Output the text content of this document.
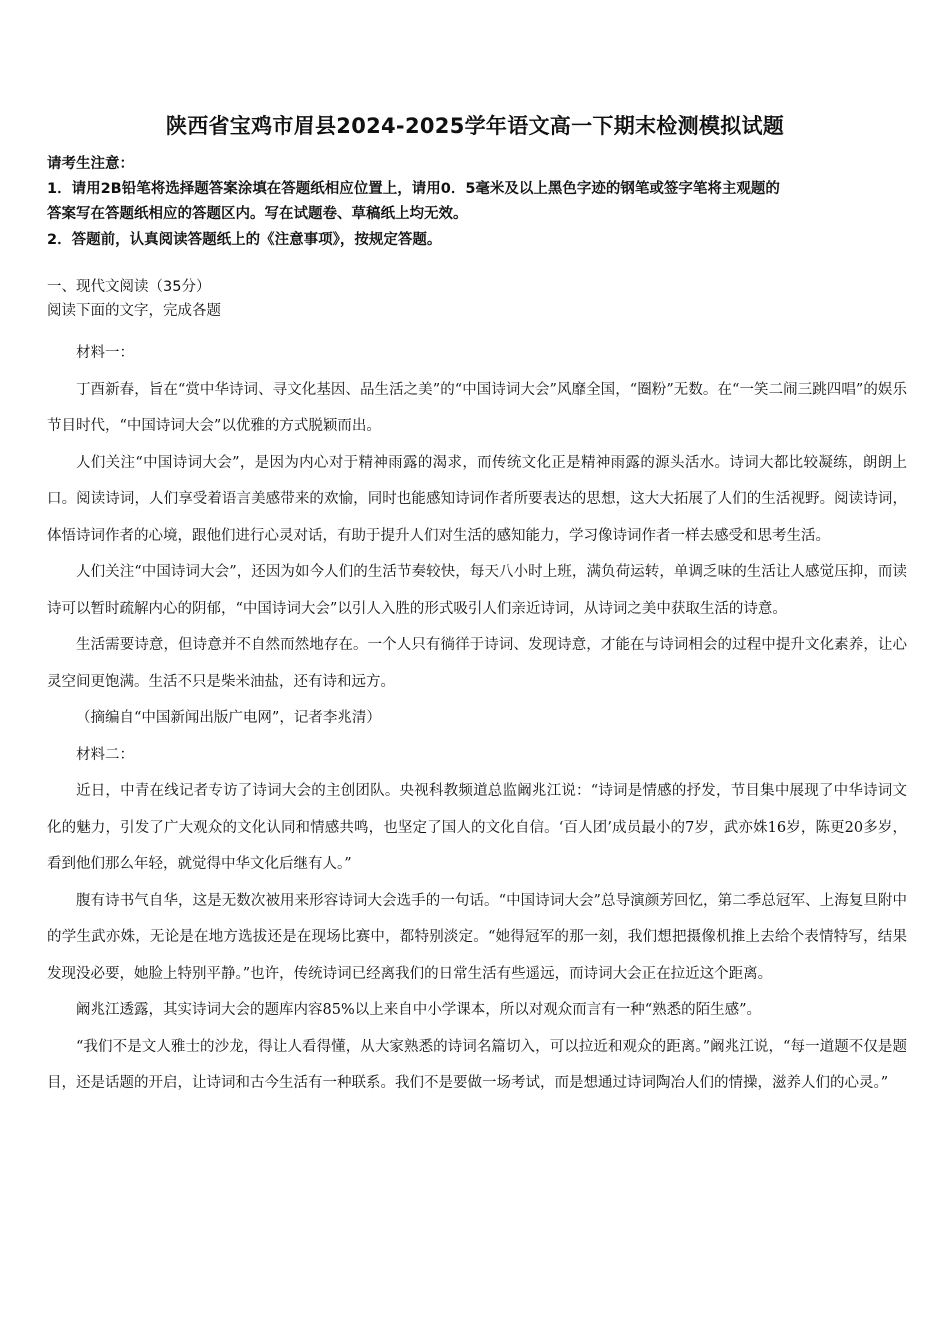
陕西省宝鸡市眉县2024-2025学年语文高一下期末检测模拟试题
请考生注意：
1．请用2B铅笔将选择题答案涂填在答题纸相应位置上，请用0．5毫米及以上黑色字迹的钢笔或签字笔将主观题的
答案写在答题纸相应的答题区内。写在试题卷、草稿纸上均无效。
2．答题前，认真阅读答题纸上的《注意事项》，按规定答题。
一、现代文阅读（35分）
阅读下面的文字，完成各题

材料一：

丁酉新春，旨在“赏中华诗词、寻文化基因、品生活之美”的“中国诗词大会”风靡全国，“圈粉”无数。在“一笑二闹三跳四唱”的娱乐节目时代，“中国诗词大会”以优雅的方式脱颖而出。

人们关注“中国诗词大会”，是因为内心对于精神雨露的渴求，而传统文化正是精神雨露的源头活水。诗词大都比较凝练，朗朗上口。阅读诗词，人们享受着语言美感带来的欢愉，同时也能感知诗词作者所要表达的思想，这大大拓展了人们的生活视野。阅读诗词，体悟诗词作者的心境，跟他们进行心灵对话，有助于提升人们对生活的感知能力，学习像诗词作者一样去感受和思考生活。

人们关注“中国诗词大会”，还因为如今人们的生活节奏较快，每天八小时上班，满负荷运转，单调乏味的生活让人感觉压抑，而读诗可以暂时疏解内心的阴郁，“中国诗词大会”以引人入胜的形式吸引人们亲近诗词，从诗词之美中获取生活的诗意。

生活需要诗意，但诗意并不自然而然地存在。一个人只有徜徉于诗词、发现诗意，才能在与诗词相会的过程中提升文化素养，让心灵空间更饱满。生活不只是柴米油盐，还有诗和远方。

（摘编自“中国新闻出版广电网”，记者李兆清）

材料二：

近日，中青在线记者专访了诗词大会的主创团队。央视科教频道总监阚兆江说：“诗词是情感的抒发，节目集中展现了中华诗词文化的魅力，引发了广大观众的文化认同和情感共鸣，也坚定了国人的文化自信。‘百人团’成员最小的7岁，武亦姝16岁，陈更20多岁，看到他们那么年轻，就觉得中华文化后继有人。”

腹有诗书气自华，这是无数次被用来形容诗词大会选手的一句话。“中国诗词大会”总导演颜芳回忆，第二季总冠军、上海复旦附中的学生武亦姝，无论是在地方选拔还是在现场比赛中，都特别淡定。“她得冠军的那一刻，我们想把摄像机推上去给个表情特写，结果发现没必要，她脸上特别平静。”也许，传统诗词已经离我们的日常生活有些遥远，而诗词大会正在拉近这个距离。

阚兆江透露，其实诗词大会的题库内容85%以上来自中小学课本，所以对观众而言有一种“熟悉的陌生感”。

“我们不是文人雅士的沙龙，得让人看得懂，从大家熟悉的诗词名篇切入，可以拉近和观众的距离。”阚兆江说，“每一道题不仅是题目，还是话题的开启，让诗词和古今生活有一种联系。我们不是要做一场考试，而是想通过诗词陶冶人们的情操，滋养人们的心灵。”
